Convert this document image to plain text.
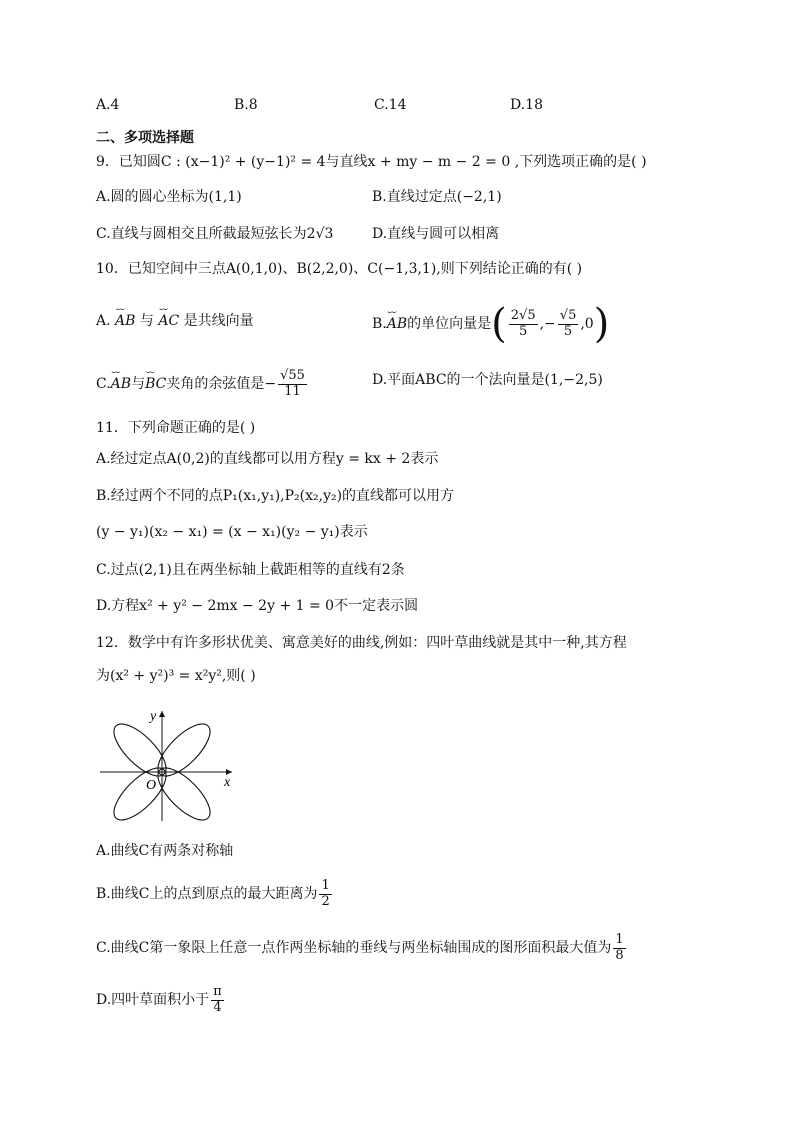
A.4	B.8	C.14	D.18
二、多项选择题
9．已知圆C : (x−1)² + (y−1)² = 4与直线x + my − m − 2 = 0 ,下列选项正确的是( )
A.圆的圆心坐标为(1,1)	B.直线过定点(−2,1)
C.直线与圆相交且所截最短弦长为2√3	D.直线与圆可以相离
10．已知空间中三点A(0,1,0)、B(2,2,0)、C(−1,3,1),则下列结论正确的有( )
A. ⌣⌣ AB 与 ⌣⌣ AC 是共线向量	B. ⌣⌣ AB 的单位向量是 ( $\frac{2√5}{5}$ ,− $\frac{√5}{5} ,0$ )
C. ⌣⌣ AB 与 ⌣⌣ BC 夹角的余弦值是− $\frac{√55}{11}$	D.平面ABC的一个法向量是(1,−2,5)
11．下列命题正确的是( )
A.经过定点A(0,2)的直线都可以用方程y = kx + 2表示
B.经过两个不同的点P₁(x₁,y₁),P₂(x₂,y₂)的直线都可以用方
(y − y₁)(x₂ − x₁) = (x − x₁)(y₂ − y₁)表示
C.过点(2,1)且在两坐标轴上截距相等的直线有2条
D.方程x² + y² − 2mx − 2y + 1 = 0不一定表示圆
12．数学中有许多形状优美、寓意美好的曲线,例如：四叶草曲线就是其中一种,其方程
为(x² + y²)³ = x²y²,则( )
y
x
O
A.曲线C有两条对称轴
B.曲线C上的点到原点的最大距离为 $\frac{1}{2}$
C.曲线C第一象限上任意一点作两坐标轴的垂线与两坐标轴围成的图形面积最大值为 $\frac{1}{8}$
D.四叶草面积小于 $\frac{\pi}{4}$
